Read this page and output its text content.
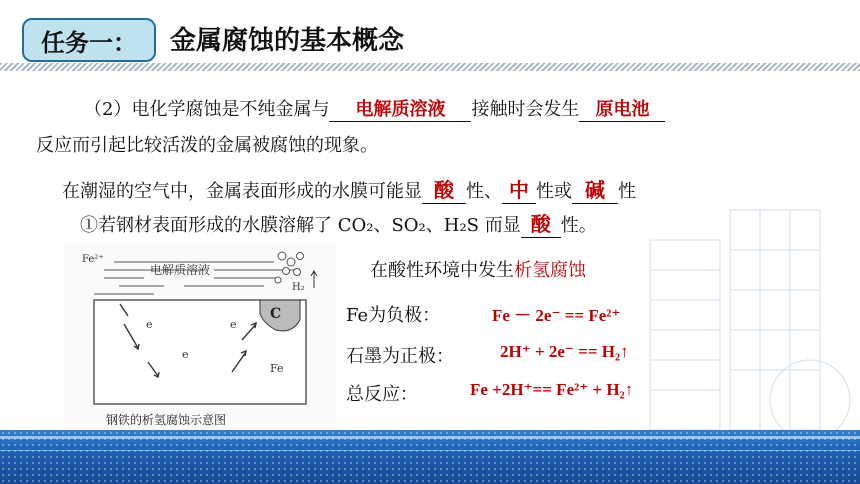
任务一：	金属腐蚀的基本概念
（2）电化学腐蚀是不纯金属与 电解质溶液 接触时会发生 原电池
反应而引起比较活泼的金属被腐蚀的现象。
在潮湿的空气中，金属表面形成的水膜可能显 酸 性、 中 性或 碱 性
①若钢材表面形成的水膜溶解了 CO₂、SO₂、H₂S 而显 酸 性。
Fe²⁺
电解质溶液
H₂
C
e	e
e
Fe
钢铁的析氢腐蚀示意图
在酸性环境中发生析氢腐蚀
Fe为负极：	Fe － 2e⁻ == Fe²⁺
石墨为正极：	2H⁺ + 2e⁻ == H₂↑
总反应：	Fe +2H⁺== Fe²⁺ + H₂↑
